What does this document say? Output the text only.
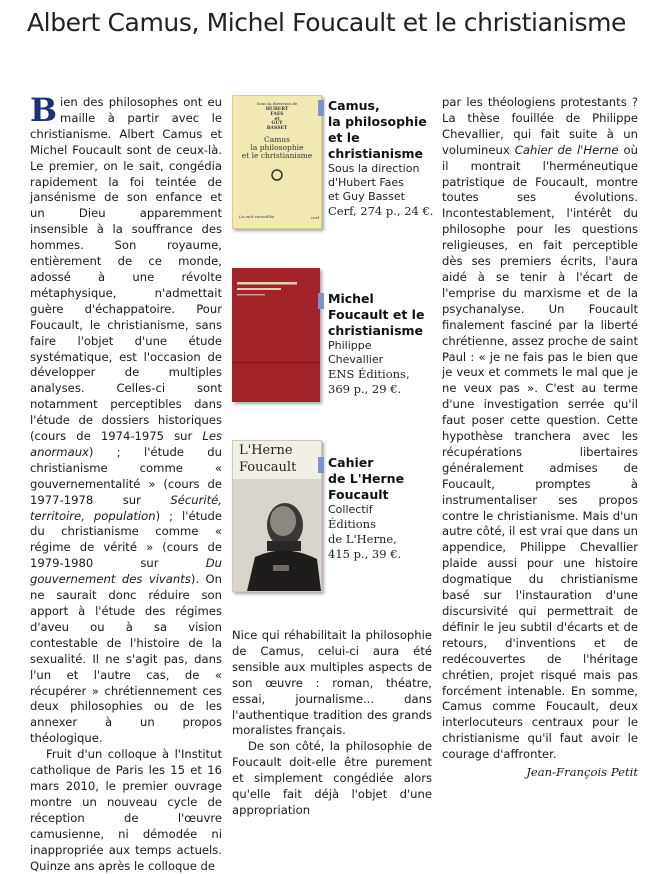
Albert Camus, Michel Foucault et le christianisme

Bien des philosophes ont eu maille à partir avec le christianisme. Albert Camus et Michel Foucault sont de ceux-là. Le premier, on le sait, congédia rapidement la foi teintée de jansénisme de son enfance et un Dieu apparemment insensible à la souffrance des hommes. Son royaume, entièrement de ce monde, adossé à une révolte métaphysique, n'admettait guère d'échappatoire. Pour Foucault, le christianisme, sans faire l'objet d'une étude systématique, est l'occasion de développer de multiples analyses. Celles-ci sont notamment perceptibles dans l'étude de dossiers historiques (cours de 1974-1975 sur Les anormaux) ; l'étude du christianisme comme « gouvernementalité » (cours de 1977-1978 sur Sécurité, territoire, population) ; l'étude du christianisme comme « régime de vérité » (cours de 1979-1980 sur Du gouvernement des vivants). On ne saurait donc réduire son apport à l'étude des régimes d'aveu ou à sa vision contestable de l'histoire de la sexualité. Il ne s'agit pas, dans l'un et l'autre cas, de « récupérer » chrétiennement ces deux philosophies ou de les annexer à un propos théologique.

Fruit d'un colloque à l'Institut catholique de Paris les 15 et 16 mars 2010, le premier ouvrage montre un nouveau cycle de réception de l'œuvre camusienne, ni démodée ni inappropriée aux temps actuels. Quinze ans après le colloque de

Sous la direction de
HUBERT
FAES
et
GUY
BASSET
Camus
la philosophie
et le christianisme
La nuit surveillée	cerf
Camus,
la philosophie
et le
christianisme
Sous la direction
d'Hubert Faes
et Guy Basset
Cerf, 274 p., 24 €.
Michel
Foucault et le
christianisme
Philippe
Chevallier
ENS Éditions,
369 p., 29 €.
L'Herne
Foucault	Cahier
de L'Herne
Foucault
Collectif
Éditions
de L'Herne,
415 p., 39 €.

Nice qui réhabilitait la philosophie de Camus, celui-ci aura été sensible aux multiples aspects de son œuvre : roman, théatre, essai, journalisme... dans l'authentique tradition des grands moralistes français.

De son côté, la philosophie de Foucault doit-elle être purement et simplement congédiée alors qu'elle fait déjà l'objet d'une appropriation

par les théologiens protestants ? La thèse fouillée de Philippe Chevallier, qui fait suite à un volumineux Cahier de l'Herne où il montrait l'herméneutique patristique de Foucault, montre toutes ses évolutions. Incontestablement, l'intérêt du philosophe pour les questions religieuses, en fait perceptible dès ses premiers écrits, l'aura aidé à se tenir à l'écart de l'emprise du marxisme et de la psychanalyse. Un Foucault finalement fasciné par la liberté chrétienne, assez proche de saint Paul : « je ne fais pas le bien que je veux et commets le mal que je ne veux pas ». C'est au terme d'une investigation serrée qu'il faut poser cette question. Cette hypothèse tranchera avec les récupérations libertaires généralement admises de Foucault, promptes à instrumentaliser ses propos contre le christianisme. Mais d'un autre côté, il est vrai que dans un appendice, Philippe Chevallier plaide aussi pour une histoire dogmatique du christianisme basé sur l'instauration d'une discursivité qui permettrait de définir le jeu subtil d'écarts et de retours, d'inventions et de redécouvertes de l'héritage chrétien, projet risqué mais pas forcément intenable. En somme, Camus comme Foucault, deux interlocuteurs centraux pour le christianisme qu'il faut avoir le courage d'affronter.

Jean-François Petit
